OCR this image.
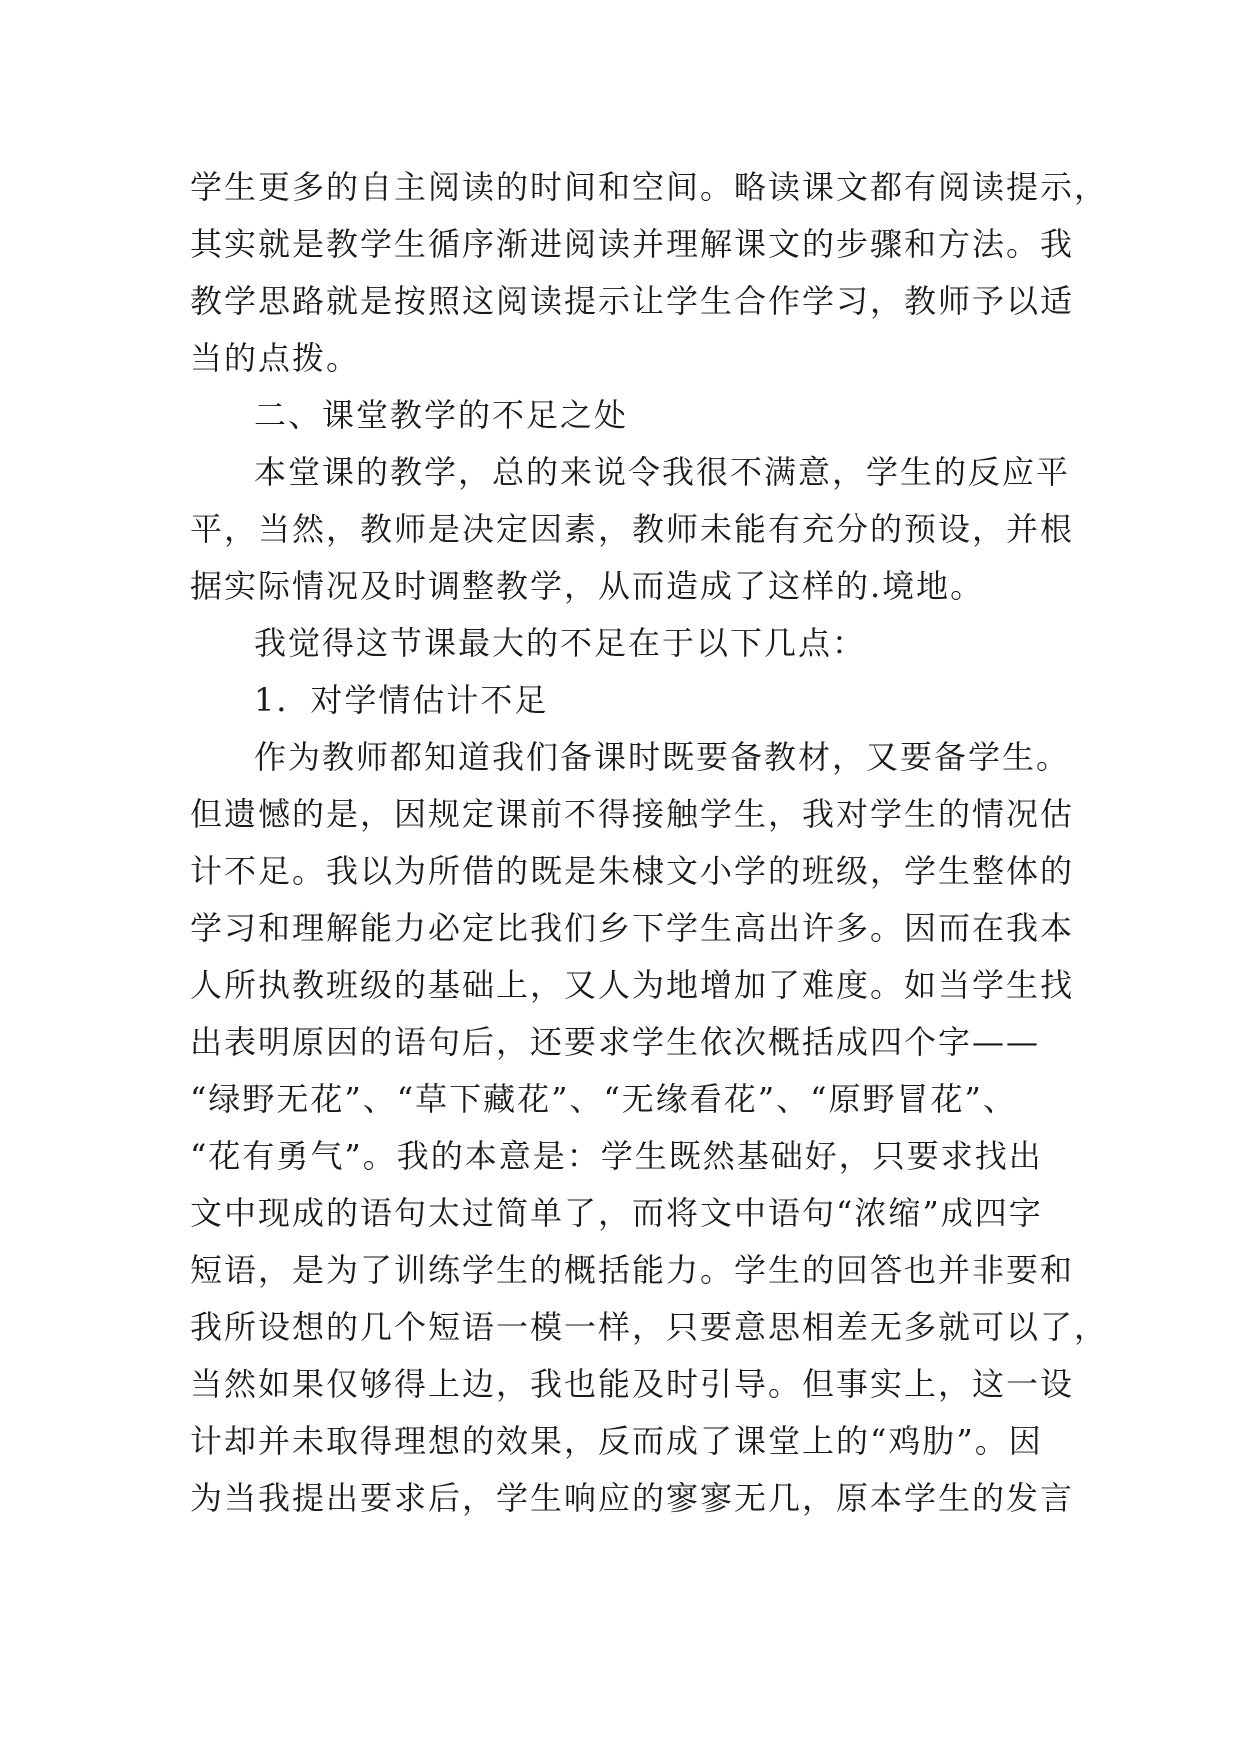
学生更多的自主阅读的时间和空间。略读课文都有阅读提示，
其实就是教学生循序渐进阅读并理解课文的步骤和方法。我
教学思路就是按照这阅读提示让学生合作学习，教师予以适
当的点拨。
二、课堂教学的不足之处
本堂课的教学，总的来说令我很不满意，学生的反应平
平，当然，教师是决定因素，教师未能有充分的预设，并根
据实际情况及时调整教学，从而造成了这样的.境地。
我觉得这节课最大的不足在于以下几点：
1．对学情估计不足
作为教师都知道我们备课时既要备教材，又要备学生。
但遗憾的是，因规定课前不得接触学生，我对学生的情况估
计不足。我以为所借的既是朱棣文小学的班级，学生整体的
学习和理解能力必定比我们乡下学生高出许多。因而在我本
人所执教班级的基础上，又人为地增加了难度。如当学生找
出表明原因的语句后，还要求学生依次概括成四个字——
“绿野无花”、“草下藏花”、“无缘看花”、“原野冒花”、
“花有勇气”。我的本意是：学生既然基础好，只要求找出
文中现成的语句太过简单了，而将文中语句“浓缩”成四字
短语，是为了训练学生的概括能力。学生的回答也并非要和
我所设想的几个短语一模一样，只要意思相差无多就可以了，
当然如果仅够得上边，我也能及时引导。但事实上，这一设
计却并未取得理想的效果，反而成了课堂上的“鸡肋”。因
为当我提出要求后，学生响应的寥寥无几，原本学生的发言
